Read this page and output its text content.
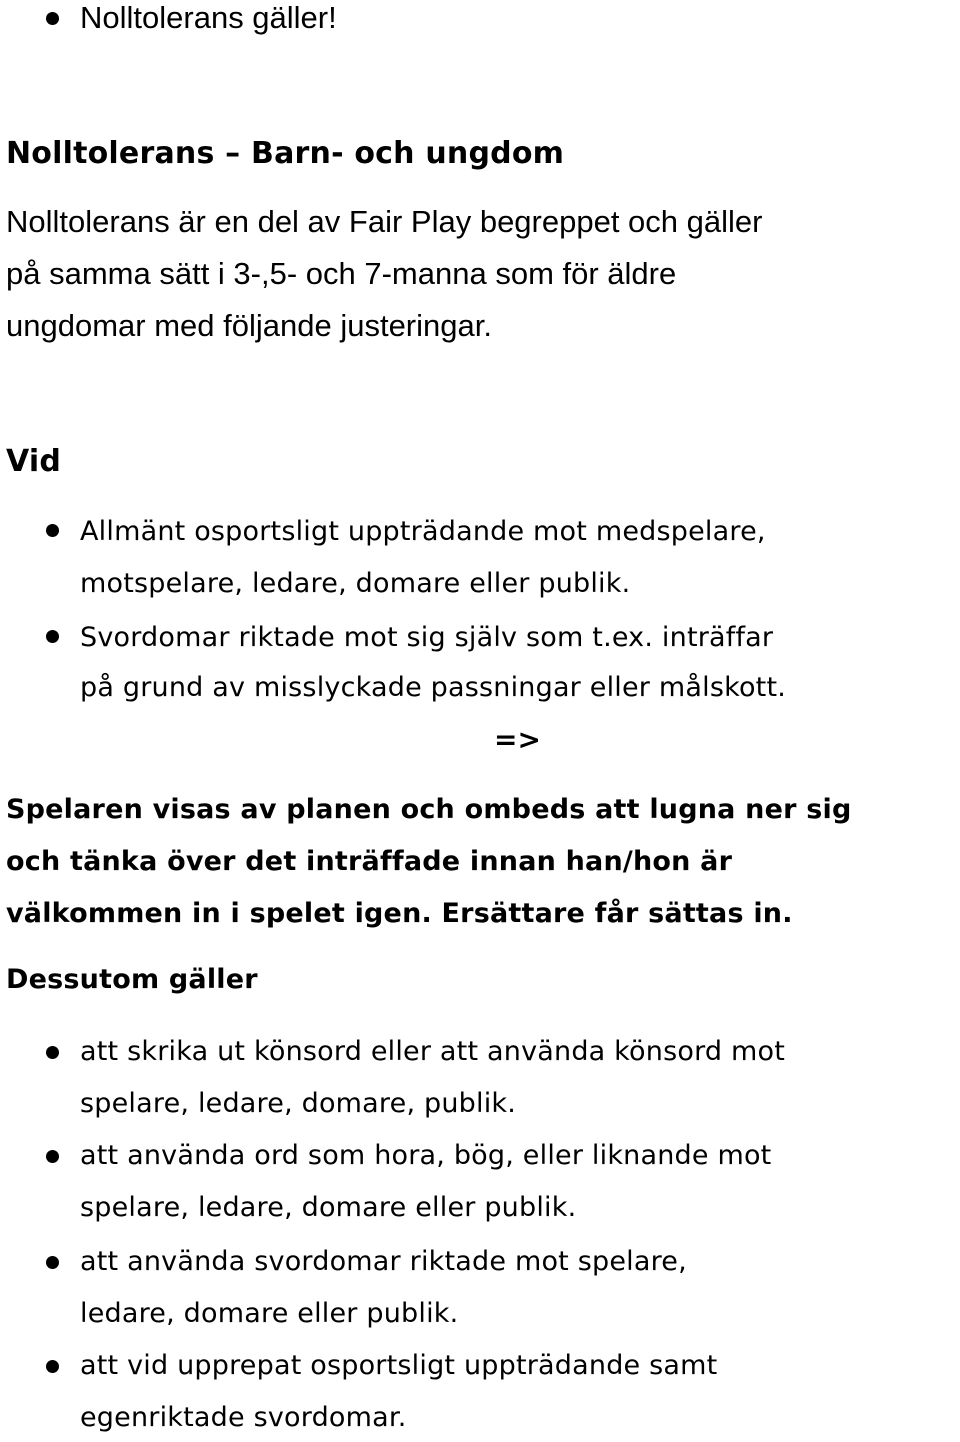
Nolltolerans gäller!

Nolltolerans – Barn- och ungdom

Nolltolerans är en del av Fair Play begreppet och gäller

på samma sätt i 3-,5- och 7-manna som för äldre

ungdomar med följande justeringar.

Vid

Allmänt osportsligt uppträdande mot medspelare,

motspelare, ledare, domare eller publik.

Svordomar riktade mot sig själv som t.ex. inträffar

på grund av misslyckade passningar eller målskott.

=>

Spelaren visas av planen och ombeds att lugna ner sig

och tänka över det inträffade innan han/hon är

välkommen in i spelet igen. Ersättare får sättas in.

Dessutom gäller

att skrika ut könsord eller att använda könsord mot

spelare, ledare, domare, publik.

att använda ord som hora, bög, eller liknande mot

spelare, ledare, domare eller publik.

att använda svordomar riktade mot spelare,

ledare, domare eller publik.

att vid upprepat osportsligt uppträdande samt

egenriktade svordomar.
